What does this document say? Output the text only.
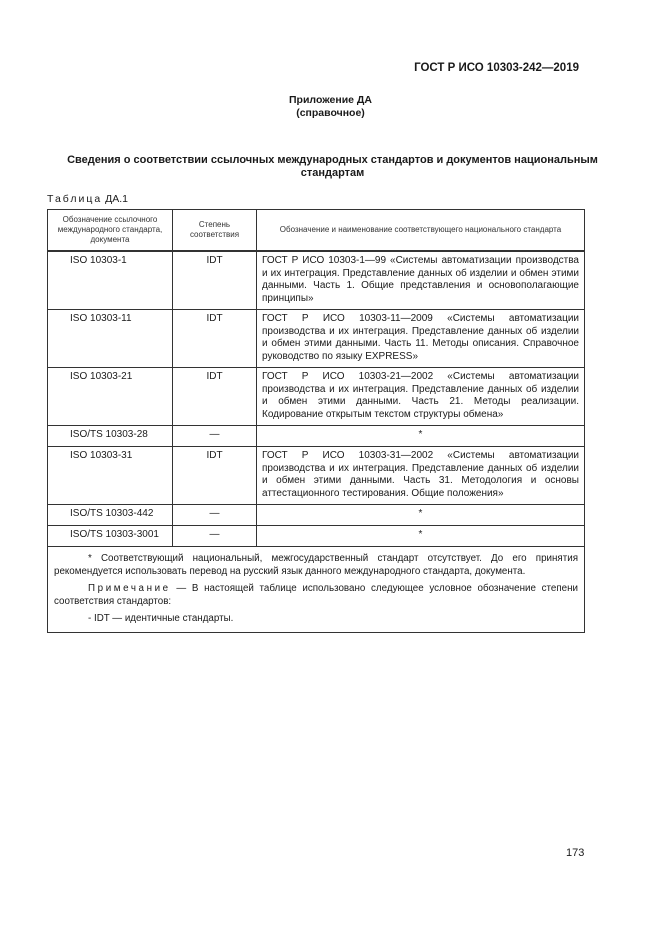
ГОСТ Р ИСО 10303-242—2019
Приложение ДА
(справочное)
Сведения о соответствии ссылочных международных стандартов и документов национальным стандартам
Таблица ДА.1
Обозначение ссылочного международного стандарта, документа	Степень соответствия	Обозначение и наименование соответствующего национального стандарта
ISO 10303-1	IDT	ГОСТ Р ИСО 10303-1—99 «Системы автоматизации производства и их интеграция. Представление данных об изделии и обмен этими данными. Часть 1. Общие представления и основополагающие принципы»
ISO 10303-11	IDT	ГОСТ Р ИСО 10303-11—2009 «Системы автоматизации производства и их интеграция. Представление данных об изделии и обмен этими данными. Часть 11. Методы описания. Справочное руководство по языку EXPRESS»
ISO 10303-21	IDT	ГОСТ Р ИСО 10303-21—2002 «Системы автоматизации производства и их интеграция. Представление данных об изделии и обмен этими данными. Часть 21. Методы реализации. Кодирование открытым текстом структуры обмена»
ISO/TS 10303-28	—	*
ISO 10303-31	IDT	ГОСТ Р ИСО 10303-31—2002 «Системы автоматизации производства и их интеграция. Представление данных об изделии и обмен этими данными. Часть 31. Методология и основы аттестационного тестирования. Общие положения»
ISO/TS 10303-442	—	*
ISO/TS 10303-3001	—	*

* Соответствующий национальный, межгосударственный стандарт отсутствует. До его принятия рекомендуется использовать перевод на русский язык данного международного стандарта, документа.

Примечание — В настоящей таблице использовано следующее условное обозначение степени соответствия стандартов:

- IDT — идентичные стандарты.		

173
